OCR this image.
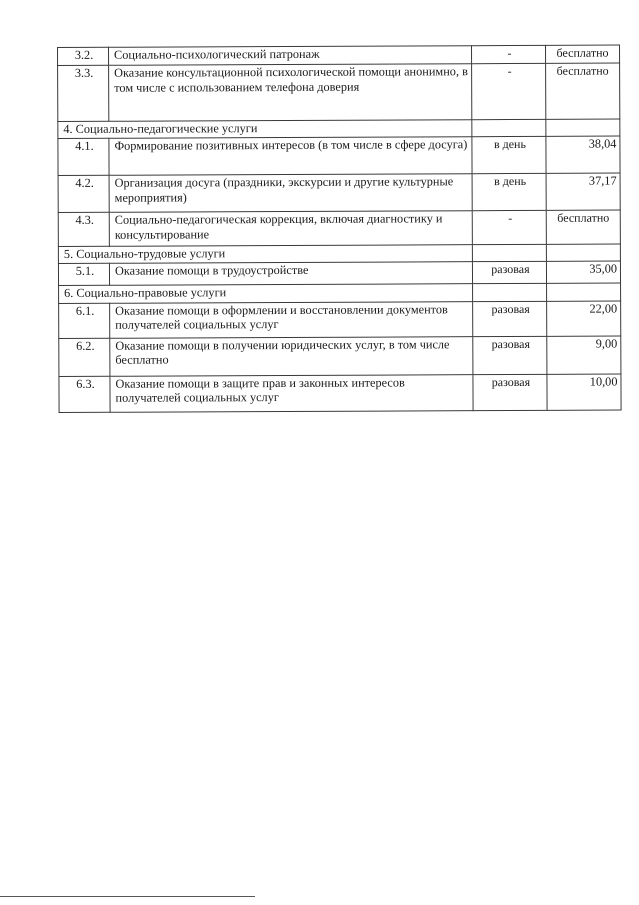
3.2.	Социально-психологический патронаж	-	бесплатно
3.3.	Оказание консультационной психологической помощи анонимно, в том числе с использованием телефона доверия	-	бесплатно
4. Социально-педагогические услуги			
4.1.	Формирование позитивных интересов (в том числе в сфере досуга)	в день	38,04
4.2.	Организация досуга (праздники, экскурсии и другие культурные мероприятия)	в день	37,17
4.3.	Социально-педагогическая коррекция, включая диагностику и консультирование	-	бесплатно
5. Социально-трудовые услуги			
5.1.	Оказание помощи в трудоустройстве	разовая	35,00
6. Социально-правовые услуги			
6.1.	Оказание помощи в оформлении и восстановлении документов получателей социальных услуг	разовая	22,00
6.2.	Оказание помощи в получении юридических услуг, в том числе бесплатно	разовая	9,00
6.3.	Оказание помощи в защите прав и законных интересов получателей социальных услуг	разовая	10,00
